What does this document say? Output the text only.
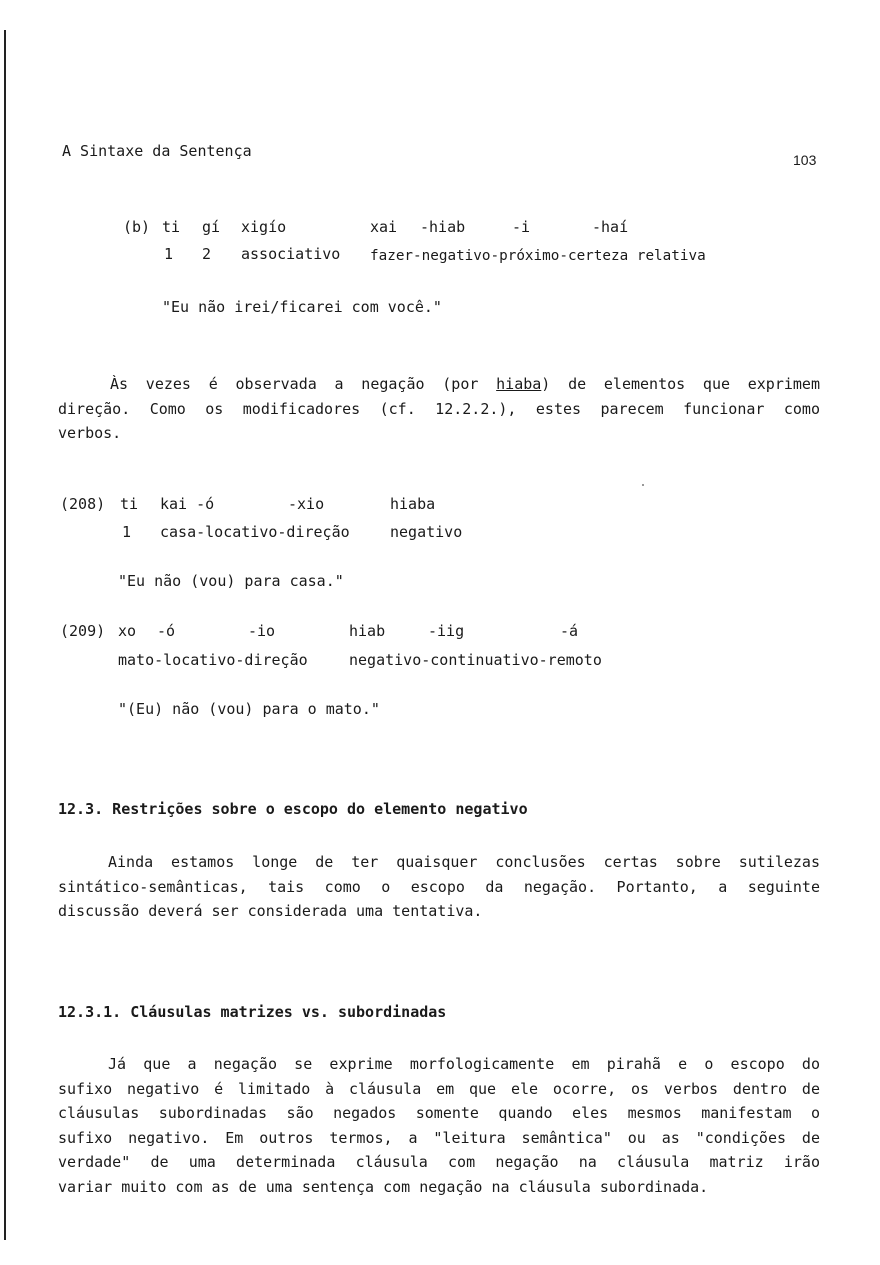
A Sintaxe da Sentença	103
(b) ti gí xigío	xai -hiab	-i	-haí
1 2 associativo fazer-negativo-próximo-certeza relativa
"Eu não irei/ficarei com você."
Às vezes é observada a negação (por hiaba) de elementos que exprimem
direção. Como os modificadores (cf. 12.2.2.), estes parecem funcionar como
verbos.
(208) ti kai -ó	-xio	hiaba
1 casa-locativo-direção	negativo
"Eu não (vou) para casa."
(209) xo -ó	-io	hiab	-iig	-á
mato-locativo-direção	negativo-continuativo-remoto
"(Eu) não (vou) para o mato."
12.3. Restrições sobre o escopo do elemento negativo
Ainda estamos longe de ter quaisquer conclusões certas sobre sutilezas
sintático-semânticas, tais como o escopo da negação. Portanto, a seguinte
discussão deverá ser considerada uma tentativa.
12.3.1. Cláusulas matrizes vs. subordinadas
Já que a negação se exprime morfologicamente em pirahã e o escopo do
sufixo negativo é limitado à cláusula em que ele ocorre, os verbos dentro de
cláusulas subordinadas são negados somente quando eles mesmos manifestam o
sufixo negativo. Em outros termos, a "leitura semântica" ou as "condições de
verdade" de uma determinada cláusula com negação na cláusula matriz irão
variar muito com as de uma sentença com negação na cláusula subordinada.
